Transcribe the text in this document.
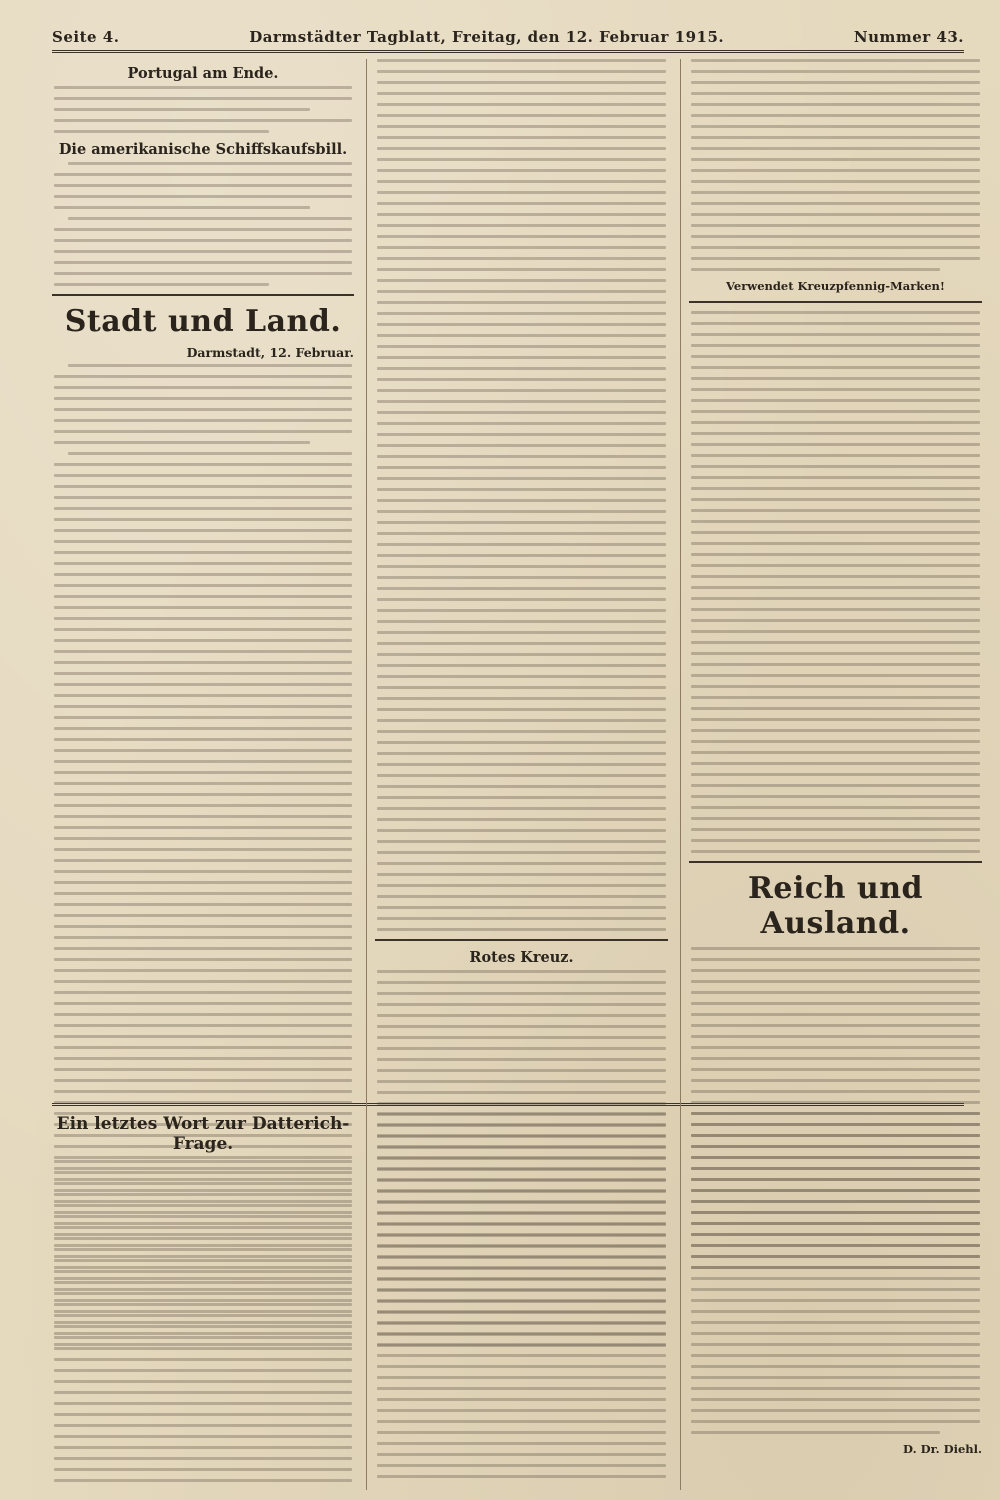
Seite 4.	Darmstädter Tagblatt, Freitag, den 12. Februar 1915.	Nummer 43.
Portugal am Ende.
Die amerikanische Schiffskaufsbill.
Stadt und Land.
Darmstadt, 12. Februar.
Rotes Kreuz.
Verwendet Kreuzpfennig-Marken!
Reich und Ausland.
Ein letztes Wort zur Datterich-Frage.
D. Dr. Diehl.
